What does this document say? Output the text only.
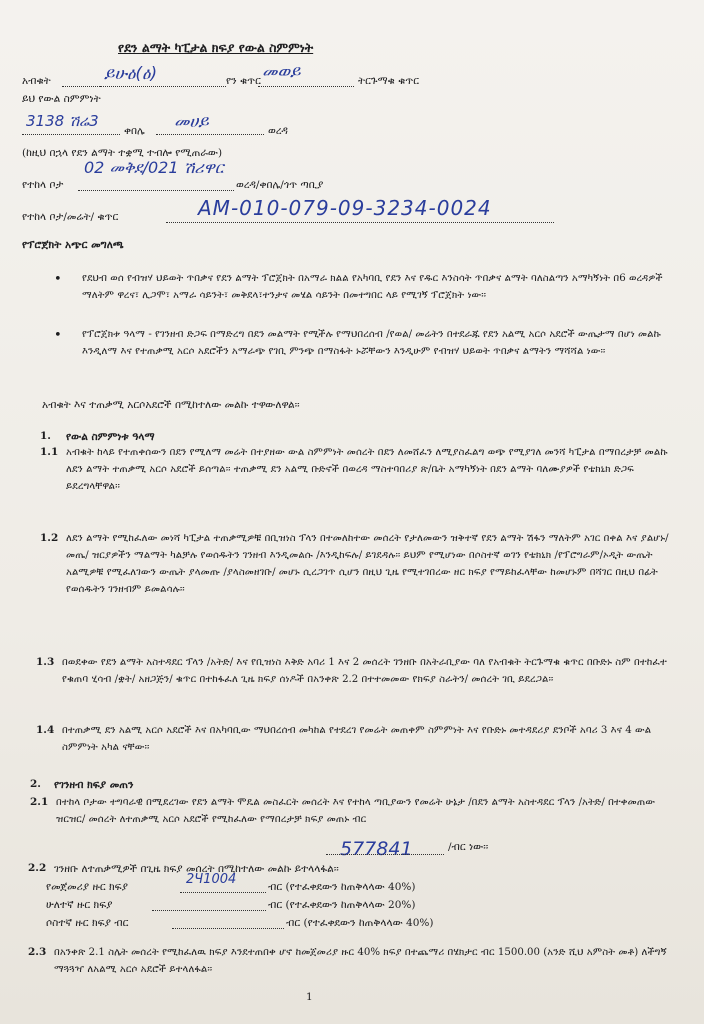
የደን ልማት ካፒታል ክፍያ የውል ስምምነት
አብቁት	ይሁዕ(ዕ)	የን ቁጥር መወይ	ትርጉማቁ ቁጥር
ይህ የውል ስምምነት
3138 ሽሬ3
ቀበሌ መሀይ	ወረዳ
(ከዚህ በኋላ የደን ልማት ተቋሚ ተብሎ የሚጠራው)
የተከላ ቦታ
02 መቅደ/021 ሽሪዋር
ወረዳ/ቀበሌ/ጎጥ ጣቢያ
የተከላ ቦታ/መሬት/ ቁጥር	AM-010-079-09-3234-0024
የፕሮጀክት አጭር መግለጫ
• የደህብ ወሰ የብዝሃ ህይወት ጥበቃና የደን ልማት ፕሮጀክት በአማራ ክልል የአካባቢ የደን እና የዱር እንስሳት ጥበቃና ልማት ባለስልጣን አማካኝነት በ6 ወረዳዎች ማለትም ዋረና፣ ሊጋሞ፣ አማራ ሳይንት፣ መቅደላ፣ተንታና መሄል ሳይንት በመተግበር ላይ የሚገኝ ፕሮጀክት ነው፡፡
• የፕሮጀክቱ ዓላማ - የገንዘብ ድጋፍ በማድረግ በደን መልማት የሚችሉ የማህበረሰብ /የወል/ መሬትን በተደራጁ የደን አልሚ አርሶ አደሮች ውጤታማ በሆነ መልኩ እንዲለማ እና የተጠቃሚ አርሶ አደሮችን አማራጭ የገቢ ምንጭ በማስፋት ኑሯቸውን እንዲሁም የብዝሃ ህይወት ጥበቃና ልማትን ማሻሻል ነው፡፡
አብቁት እና ተጠቃሚ አርሶአደሮች በሚከተለው መልኩ ተዋውለዋል፡፡
1. የውል ስምምነቱ ዓላማ
1.1 አብቁት ከላይ የተጠቀሰውን በደን የሚለማ መሬት በተያዘው ውል ስምምነት መሰረት በደን ለመሸፈን ለሚያስፈልግ ወጭ የሚያገለ መንሻ ካፒታል በማበረታቻ መልኩ ለደን ልማት ተጠቃሚ አርሶ አደሮች ይሰጣል፡፡ ተጠቃሚ ደን አልሚ ቡድኖች በወረዳ ማስተባበሪያ ጽ/ቤት አማካኝነት በደን ልማት ባለሙያዎች የቴክኒክ ድጋፍ ይደረግላቸዋል፡፡
1.2 ለደን ልማት የሚከፈለው መነሻ ካፒታል ተጠቃሚዎቹ በቢዝነስ ፕላን በተመለከተው መሰረት የታለመውን ዝቅተኛ የደን ልማት ሽፋን ማለትም አገር በቀል እና ያልሆኑ/መጤ/ ዝርያዎችን ማልማት ካልቻሉ የወሰዱትን ገንዘብ እንዲመልሱ /እንዲከፍሉ/ ይገደዳሉ፡፡ ይህም የሚሆነው በሶስተኛ ወገን የቴክኒክ /የፕሮግራም/ኦዲት ውጤት አልሚዎቹ የሚፈለገውን ውጤት ያላመጡ /ያላስመዘገቡ/ መሆኑ ሲረጋገጥ ሲሆን በዚህ ጊዜ የሚተገበረው ዘር ክፍያ የማይከፈላቸው ከመሆኑም በሻገር በዚህ በፊት የወሰዱትን ገንዘብም ይመልሳሉ፡፡
1.3 በወደቀው የደን ልማት አስተዳደር ፕላን /አትድ/ እና የቢዝነስ እቅድ አባሪ 1 እና 2 መሰረት ገንዘቡ በአትራቢያው ባለ የአብቁት ትርጉማቁ ቁጥር በቡድኑ ስም በተከፈተ የቁጠባ ሂሳብ /ቋት/ አዘጋጅን/ ቁጥር በተከፋፈለ ጊዜ ክፍያ ሰነዶች በአንቀጽ 2.2 በተተመመው የክፍያ ስራትን/ መሰረት ገቢ ይደረጋል፡፡
1.4 በተጠቃሚ ደን አልሚ አርሶ አደሮች እና በአካባቢው ማህበረሰብ መካከል የተደረገ የመሬት መጠቀም ስምምነት እና የቡድኑ መተዳደሪያ ደንቦች አባሪ 3 እና 4 ውል ስምምነት አካል ናቸው፡፡
2. የገንዘብ ክፍያ መጠን
2.1 በተከላ ቦታው ተግባራዊ በሚደረገው የደን ልማት ሞዴል መስፈርት መሰረት እና የተከላ ጣቢያውን የመሬት ሁኔታ /በደን ልማት አስተዳደር ፕላን /አትድ/ በተቀመጠው ዝርዝር/ መሰረት ለተጠቃሚ አርሶ አደሮች የሚከፈለው የማበረታቻ ክፍያ መጠኑ ብር
577841	/ብር ነው፡፡
2.2 ገንዘቡ ለተጠቃሚዎች በጊዜ ክፍያ መሰረት በሚከተለው መልኩ ይተላላፋል፡፡
የመጀመሪያ ዙር ክፍያ	2Ч1004	ብር (የተፈቀደውን ከጠቅላላው 40%)
ሁለተኛ ዙር ክፍያ	ብር (የተፈቀደውን ከጠቅላላው 20%)
ሶስተኛ ዙር ክፍያ ብር	ብር (የተፈቀደውን ከጠቅላላው 40%)
2.3 በአንቀጽ 2.1 ስሌት መሰረት የሚከፈለዉ ክፍያ እንደተጠበቀ ሆኖ ከመጀመሪያ ዙር 40% ክፍያ በተጨማሪ በሄክታር ብር 1500.00 (አንድ ሺህ አምስት መቶ) ለችግኝ ማጓጓዣ ለአልሚ አርሶ አደሮች ይተላለፋል፡፡
1
